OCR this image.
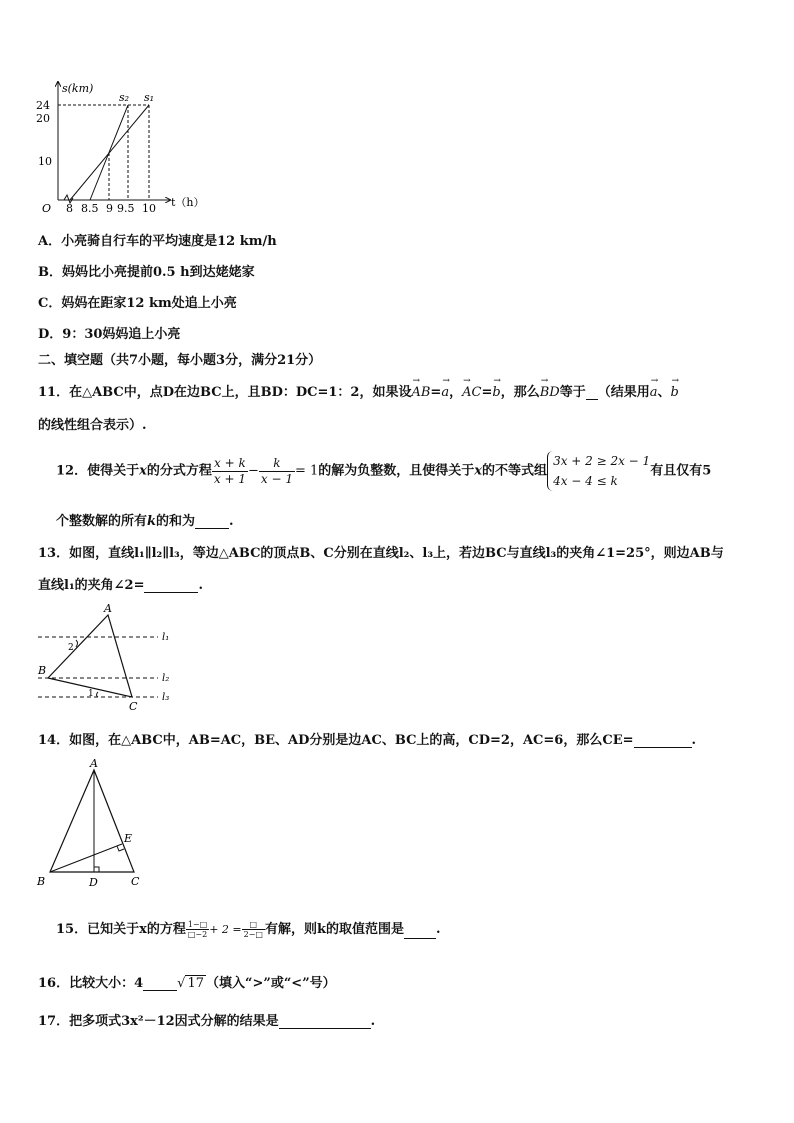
s(km)
t（h）
O
24
20
10
8 8.5 9 9.5 10
s₂ s₁
A．小亮骑自行车的平均速度是12 km/h
B．妈妈比小亮提前0.5 h到达姥姥家
C．妈妈在距家12 km处追上小亮
D．9：30妈妈追上小亮
二、填空题（共7小题，每小题3分，满分21分）
11．在△ABC中，点D在边BC上，且BD：DC=1：2，如果设→ AB=→ a，→ AC=→ b，那么→ BD等于 （结果用→ a、→ b
的线性组合表示）.
12．使得关于x的分式方程 $\frac{x + k}{x + 1} - \frac{k}{x - 1} = 1$的解为负整数，且使得关于x的不等式组
3x + 2 ≥ 2x − 1
4x − 4 ≤ k
有且仅有5
个整数解的所有k的和为	.
13．如图，直线l₁∥l₂∥l₃，等边△ABC的顶点B、C分别在直线l₂、l₃上，若边BC与直线l₃的夹角∠1=25°，则边AB与
直线l₁的夹角∠2=	.
A
B
C
l₁
l₂
l₃
2
1
14．如图，在△ABC中，AB=AC，BE、AD分别是边AC、BC上的高，CD=2，AC=6，那么CE=	.
A
B	C
D
E
15．已知关于x的方程 $\frac{1-□}{□-2} + 2 = \frac{□}{2-□}$ 有解，则k的取值范围是 .
16．比较大小：4	√ 17 （填入“>”或“<”号）
17．把多项式3x²－12因式分解的结果是	.
